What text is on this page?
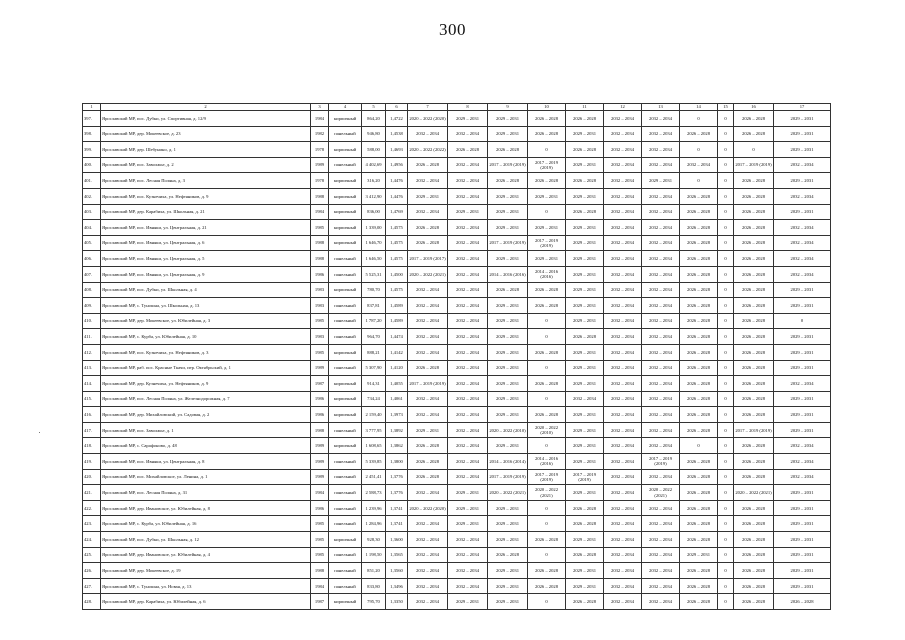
300
1	2	3	4	5	6	7	8	9	10	11	12	13	14	15	16	17
397.	Ярославский МР, пос. Дубки, ул. Спортивная, д. 12/9	1984	кирпичный	864,20	1,4722	2020 – 2022 (2020)	2029 – 2031	2029 – 2031	2026 – 2028	2026 – 2028	2032 – 2034	2032 – 2034	0	0	2026 – 2028	2029 – 2031
398.	Ярославский МР, дер. Мокеевское, д. 23	1982	панельный	946,80	1,4538	2032 – 2034	2032 – 2034	2029 – 2031	2026 – 2028	2029 – 2031	2032 – 2034	2032 – 2034	2026 – 2028	0	2026 – 2028	2029 – 2031
399.	Ярославский МР, дер. Шебунино, д. 1	1978	кирпичный	588,00	1,4693	2020 – 2022 (2022)	2026 – 2028	2026 – 2028	0	2026 – 2028	2032 – 2034	2032 – 2034	0	0	0	2029 – 2031
400.	Ярославский МР, пос. Заволжье, д. 2	1989	панельный	4 402,69	1,4956	2026 – 2028	2032 – 2034	2017 – 2019 (2019)	2017 – 2019 (2019)	2029 – 2031	2032 – 2034	2032 – 2034	2032 – 2034	0	2017 – 2019 (2019)	2032 – 2034
401.	Ярославский МР, пос. Лесная Поляна, д. 3	1978	кирпичный	316,20	1,4476	2032 – 2034	2032 – 2034	2026 – 2028	2026 – 2028	2026 – 2028	2032 – 2034	2029 – 2031	0	0	2026 – 2028	2029 – 2031
402.	Ярославский МР, пос. Кузнечиха, ул. Нефтяников, д. 9	1988	кирпичный	3 412,90	1,4476	2029 – 2031	2032 – 2034	2029 – 2031	2029 – 2031	2029 – 2031	2032 – 2034	2032 – 2034	2026 – 2028	0	2026 – 2028	2032 – 2034
403.	Ярославский МР, дер. Карабиха, ул. Школьная, д. 21	1984	кирпичный	836,00	1,4769	2032 – 2034	2029 – 2031	2029 – 2031	0	2026 – 2028	2032 – 2034	2032 – 2034	2026 – 2028	0	2026 – 2028	2029 – 2031
404.	Ярославский МР, пос. Ивняки, ул. Центральная, д. 21	1985	кирпичный	1 339,00	1,4575	2026 – 2028	2032 – 2034	2029 – 2031	2029 – 2031	2029 – 2031	2032 – 2034	2032 – 2034	2026 – 2028	0	2026 – 2028	2032 – 2034
405.	Ярославский МР, пос. Ивняки, ул. Центральная, д. 6	1988	кирпичный	1 646,70	1,4575	2026 – 2028	2032 – 2034	2017 – 2019 (2019)	2017 – 2019 (2019)	2029 – 2031	2032 – 2034	2032 – 2034	2026 – 2028	0	2026 – 2028	2032 – 2034
406.	Ярославский МР, пос. Ивняки, ул. Центральная, д. 5	1988	панельный	1 646,50	1,4575	2017 – 2019 (2017)	2032 – 2034	2029 – 2031	2029 – 2031	2029 – 2031	2032 – 2034	2032 – 2034	2026 – 2028	0	2026 – 2028	2032 – 2034
407.	Ярославский МР, пос. Ивняки, ул. Центральная, д. 9	1986	панельный	5 525,31	1,4500	2020 – 2022 (2021)	2032 – 2034	2014 – 2016 (2016)	2014 – 2016 (2016)	2029 – 2031	2032 – 2034	2032 – 2034	2026 – 2028	0	2026 – 2028	2032 – 2034
408.	Ярославский МР, пос. Дубки, ул. Школьная, д. 4	1983	кирпичный	780,70	1,4575	2032 – 2034	2032 – 2034	2026 – 2028	2026 – 2028	2029 – 2031	2032 – 2034	2032 – 2034	2026 – 2028	0	2026 – 2028	2029 – 2031
409.	Ярославский МР, с. Туношна, ул. Школьная, д. 13	1983	панельный	837,81	1,4589	2032 – 2034	2032 – 2034	2029 – 2031	2026 – 2028	2029 – 2031	2032 – 2034	2032 – 2034	2026 – 2028	0	2026 – 2028	2029 – 2031
410.	Ярославский МР, дер. Мокеевское, ул. Юбилейная, д. 3	1985	панельный	1 787,20	1,4589	2032 – 2034	2032 – 2034	2029 – 2031	0	2029 – 2031	2032 – 2034	2032 – 2034	2026 – 2028	0	2026 – 2028	0
411.	Ярославский МР, с. Курба, ул. Юбилейная, д. 10	1983	панельный	964,70	1,4474	2032 – 2034	2032 – 2034	2029 – 2031	0	2026 – 2028	2032 – 2034	2032 – 2034	2026 – 2028	0	2026 – 2028	2029 – 2031
412.	Ярославский МР, пос. Кузнечиха, ул. Нефтяников, д. 3	1985	кирпичный	888,21	1,4142	2032 – 2034	2032 – 2034	2029 – 2031	2026 – 2028	2029 – 2031	2032 – 2034	2032 – 2034	2026 – 2028	0	2026 – 2028	2029 – 2031
413.	Ярославский МР, раб. пос. Красные Ткачи, пер. Октябрьский, д. 1	1989	панельный	5 307,90	1,4120	2026 – 2028	2032 – 2034	2029 – 2031	0	2029 – 2031	2032 – 2034	2032 – 2034	2026 – 2028	0	2026 – 2028	2029 – 2031
414.	Ярославский МР, дер. Кузнечиха, ул. Нефтяников, д. 9	1987	кирпичный	914,31	1,4055	2017 – 2019 (2019)	2032 – 2034	2029 – 2031	2026 – 2028	2029 – 2031	2032 – 2034	2032 – 2034	2026 – 2028	0	2026 – 2028	2032 – 2034
415.	Ярославский МР, пос. Лесная Поляна, ул. Железнодорожная, д. 7	1986	кирпичный	734,24	1,4061	2032 – 2034	2032 – 2034	2029 – 2031	0	2032 – 2034	2032 – 2034	2032 – 2034	2026 – 2028	0	2026 – 2028	2029 – 2031
416.	Ярославский МР, дер. Михайловский, ул. Садовая, д. 2	1986	кирпичный	2 159,40	1,3973	2032 – 2034	2032 – 2034	2029 – 2031	2026 – 2028	2029 – 2031	2032 – 2034	2032 – 2034	2026 – 2028	0	2026 – 2028	2029 – 2031
417.	Ярославский МР, пос. Заволжье, д. 1	1988	панельный	3 777,95	1,3892	2029 – 2031	2032 – 2034	2020 – 2022 (2010)	2020 – 2022 (2010)	2029 – 2031	2032 – 2034	2032 – 2034	2026 – 2028	0	2017 – 2019 (2019)	2029 – 2031
418.	Ярославский МР, с. Сарафоново, д. 48	1989	кирпичный	1 608,65	1,3862	2026 – 2028	2032 – 2034	2029 – 2031	0	2029 – 2031	2032 – 2034	2032 – 2034	0	0	2026 – 2028	2032 – 2034
419.	Ярославский МР, пос. Ивняки, ул. Центральная, д. 8	1989	панельный	5 339,85	1,3800	2026 – 2028	2032 – 2034	2014 – 2016 (2014)	2014 – 2016 (2016)	2029 – 2031	2032 – 2034	2017 – 2019 (2019)	2026 – 2028	0	2026 – 2028	2032 – 2034
420.	Ярославский МР, пос. Михайловское, ул. Ленина, д. 1	1989	панельный	2 451,41	1,3776	2026 – 2028	2032 – 2034	2017 – 2019 (2019)	2017 – 2019 (2019)	2017 – 2019 (2019)	2032 – 2034	2032 – 2034	2026 – 2028	0	2026 – 2028	2032 – 2034
421.	Ярославский МР, пос. Лесная Поляна, д. 31	1984	панельный	2 588,73	1,3776	2032 – 2034	2029 – 2031	2020 – 2022 (2021)	2020 – 2022 (2021)	2029 – 2031	2032 – 2034	2020 – 2022 (2021)	2026 – 2028	0	2020 – 2022 (2021)	2029 – 2031
422.	Ярославский МР, дер. Ивановское, ул. Юбилейная, д. 8	1986	панельный	1 239,96	1,3741	2020 – 2022 (2020)	2029 – 2031	2029 – 2031	0	2026 – 2028	2032 – 2034	2032 – 2034	2026 – 2028	0	2026 – 2028	2029 – 2031
423.	Ярославский МР, с. Курба, ул. Юбилейная, д. 16	1985	панельный	1 284,96	1,3741	2032 – 2034	2029 – 2031	2029 – 2031	0	2026 – 2028	2032 – 2034	2032 – 2034	2026 – 2028	0	2026 – 2028	2029 – 2031
424.	Ярославский МР, пос. Дубки, ул. Школьная, д. 12	1985	кирпичный	928,30	1,3600	2032 – 2034	2032 – 2034	2029 – 2031	2026 – 2028	2029 – 2031	2032 – 2034	2032 – 2034	2026 – 2028	0	2026 – 2028	2029 – 2031
425.	Ярославский МР, дер. Ивановское, ул. Юбилейная, д. 4	1985	панельный	1 198,50	1,3565	2032 – 2034	2032 – 2034	2026 – 2028	0	2026 – 2028	2032 – 2034	2032 – 2034	2029 – 2031	0	2026 – 2028	2029 – 2031
426.	Ярославский МР, дер. Мокеевское, д. 19	1988	панельный	851,20	1,3560	2032 – 2034	2032 – 2034	2029 – 2031	2026 – 2028	2029 – 2031	2032 – 2034	2032 – 2034	2026 – 2028	0	2026 – 2028	2029 – 2031
427.	Ярославский МР, с. Туношна, ул. Новая, д. 13	1984	панельный	833,80	1,3496	2032 – 2034	2032 – 2034	2029 – 2031	2026 – 2028	2029 – 2031	2032 – 2034	2032 – 2034	2026 – 2028	0	2026 – 2028	2029 – 2031
428.	Ярославский МР, дер. Карабиха, ул. Юбилейная, д. 6	1987	кирпичный	795,70	1,3350	2032 – 2034	2029 – 2031	2029 – 2031	0	2026 – 2028	2032 – 2034	2032 – 2034	2026 – 2028	0	2026 – 2028	2026 – 2028
